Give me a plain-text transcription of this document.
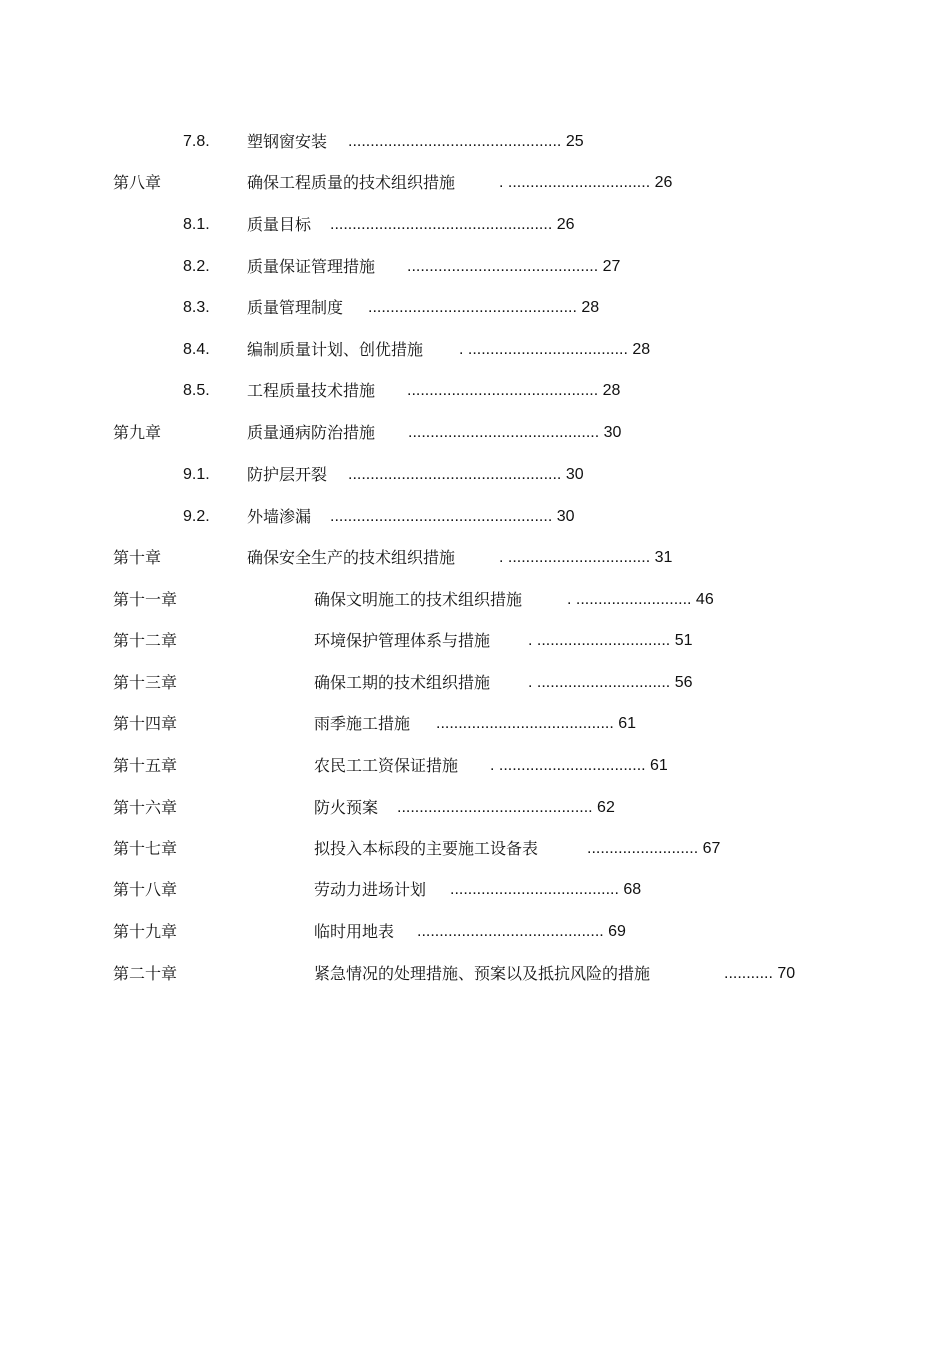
7.8. 塑钢窗安装 ................................................ 25
第八章	确保工程质量的技术组织措施	. ................................ 26
8.1. 质量目标 .................................................. 26
8.2. 质量保证管理措施 ........................................... 27
8.3. 质量管理制度 ............................................... 28
8.4. 编制质量计划、创优措施 . .................................... 28
8.5. 工程质量技术措施 ........................................... 28
第九章	质量通病防治措施 ........................................... 30
9.1. 防护层开裂 ................................................ 30
9.2. 外墙渗漏 .................................................. 30
第十章	确保安全生产的技术组织措施	. ................................ 31
第十一章	确保文明施工的技术组织措施	. .......................... 46
第十二章	环境保护管理体系与措施 . .............................. 51
第十三章	确保工期的技术组织措施 . .............................. 56
第十四章	雨季施工措施 ........................................ 61
第十五章	农民工工资保证措施 . ................................. 61
第十六章	防火预案 ............................................ 62
第十七章	拟投入本标段的主要施工设备表	......................... 67
第十八章	劳动力进场计划 ...................................... 68
第十九章	临时用地表 .......................................... 69
第二十章	紧急情况的处理措施、预案以及抵抗风险的措施	........... 70
